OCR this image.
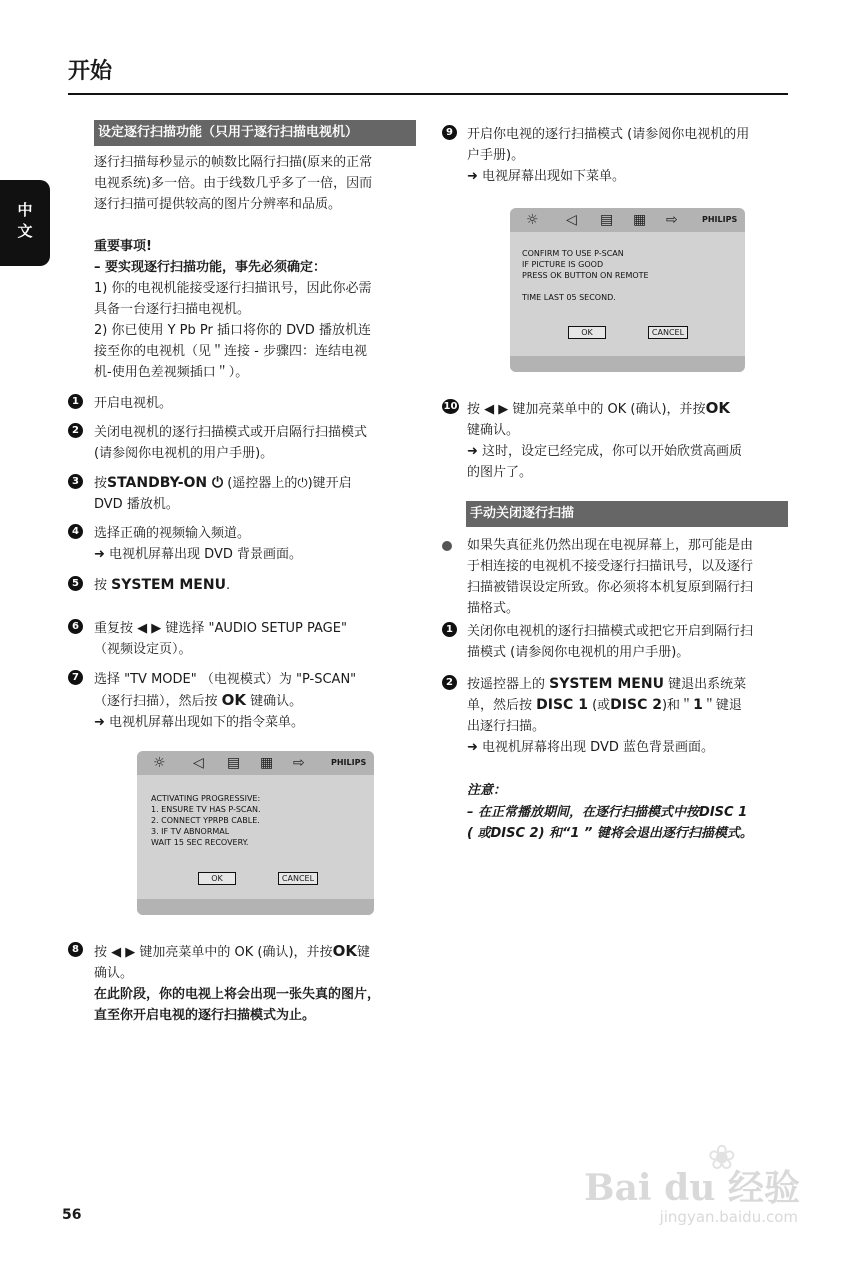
开始
中文
设定逐行扫描功能（只用于逐行扫描电视机）
逐行扫描每秒显示的帧数比隔行扫描(原来的正常
电视系统)多一倍。由于线数几乎多了一倍，因而
逐行扫描可提供较高的图片分辨率和品质。
重要事项!
– 要实现逐行扫描功能，事先必须确定：
1) 你的电视机能接受逐行扫描讯号，因此你必需
具备一台逐行扫描电视机。
2) 你已使用 Y Pb Pr 插口将你的 DVD 播放机连
接至你的电视机（见＂连接 - 步骤四：连结电视
机-使用色差视频插口＂）。
1	开启电视机。
2	关闭电视机的逐行扫描模式或开启隔行扫描模式
(请参阅你电视机的用户手册)。
3	按STANDBY-ON ⏻ (遥控器上的⏻)键开启
DVD 播放机。
4	选择正确的视频输入频道。
➜ 电视机屏幕出现 DVD 背景画面。
5	按 SYSTEM MENU.
6	重复按 ◀ ▶ 键选择 "AUDIO SETUP PAGE"
（视频设定页）。
7	选择 "TV MODE" （电视模式）为 "P-SCAN"
（逐行扫描），然后按 OK 键确认。
➜ 电视机屏幕出现如下的指令菜单。
☼ ◁ ▤ ▦ ⇨	PHILIPS
ACTIVATING PROGRESSIVE:
1. ENSURE TV HAS P-SCAN.
2. CONNECT YPRPB CABLE.
3. IF TV ABNORMAL
WAIT 15 SEC RECOVERY.
OK	CANCEL
8	按 ◀ ▶ 键加亮菜单中的 OK (确认)，并按OK键
确认。
在此阶段，你的电视上将会出现一张失真的图片，
直至你开启电视的逐行扫描模式为止。
9	开启你电视的逐行扫描模式 (请参阅你电视机的用
户手册)。
➜ 电视屏幕出现如下菜单。
☼ ◁ ▤ ▦ ⇨	PHILIPS
CONFIRM TO USE P-SCAN
IF PICTURE IS GOOD
PRESS OK BUTTON ON REMOTE
TIME LAST 05 SECOND.
OK	CANCEL
10 按 ◀ ▶ 键加亮菜单中的 OK (确认)，并按OK
键确认。
➜ 这时，设定已经完成，你可以开始欣赏高画质
的图片了。
手动关闭逐行扫描
如果失真征兆仍然出现在电视屏幕上，那可能是由
于相连接的电视机不接受逐行扫描讯号，以及逐行
扫描被错误设定所致。你必须将本机复原到隔行扫
描格式。
1	关闭你电视机的逐行扫描模式或把它开启到隔行扫
描模式 (请参阅你电视机的用户手册)。
2	按遥控器上的 SYSTEM MENU 键退出系统菜
单，然后按 DISC 1 (或DISC 2)和＂1＂键退
出逐行扫描。
➜ 电视机屏幕将出现 DVD 蓝色背景画面。
注意：
– 在正常播放期间，在逐行扫描模式中按DISC 1
( 或DISC 2) 和“1 ” 键将会退出逐行扫描模式。
56
❀
Bai du 经验
jingyan.baidu.com
